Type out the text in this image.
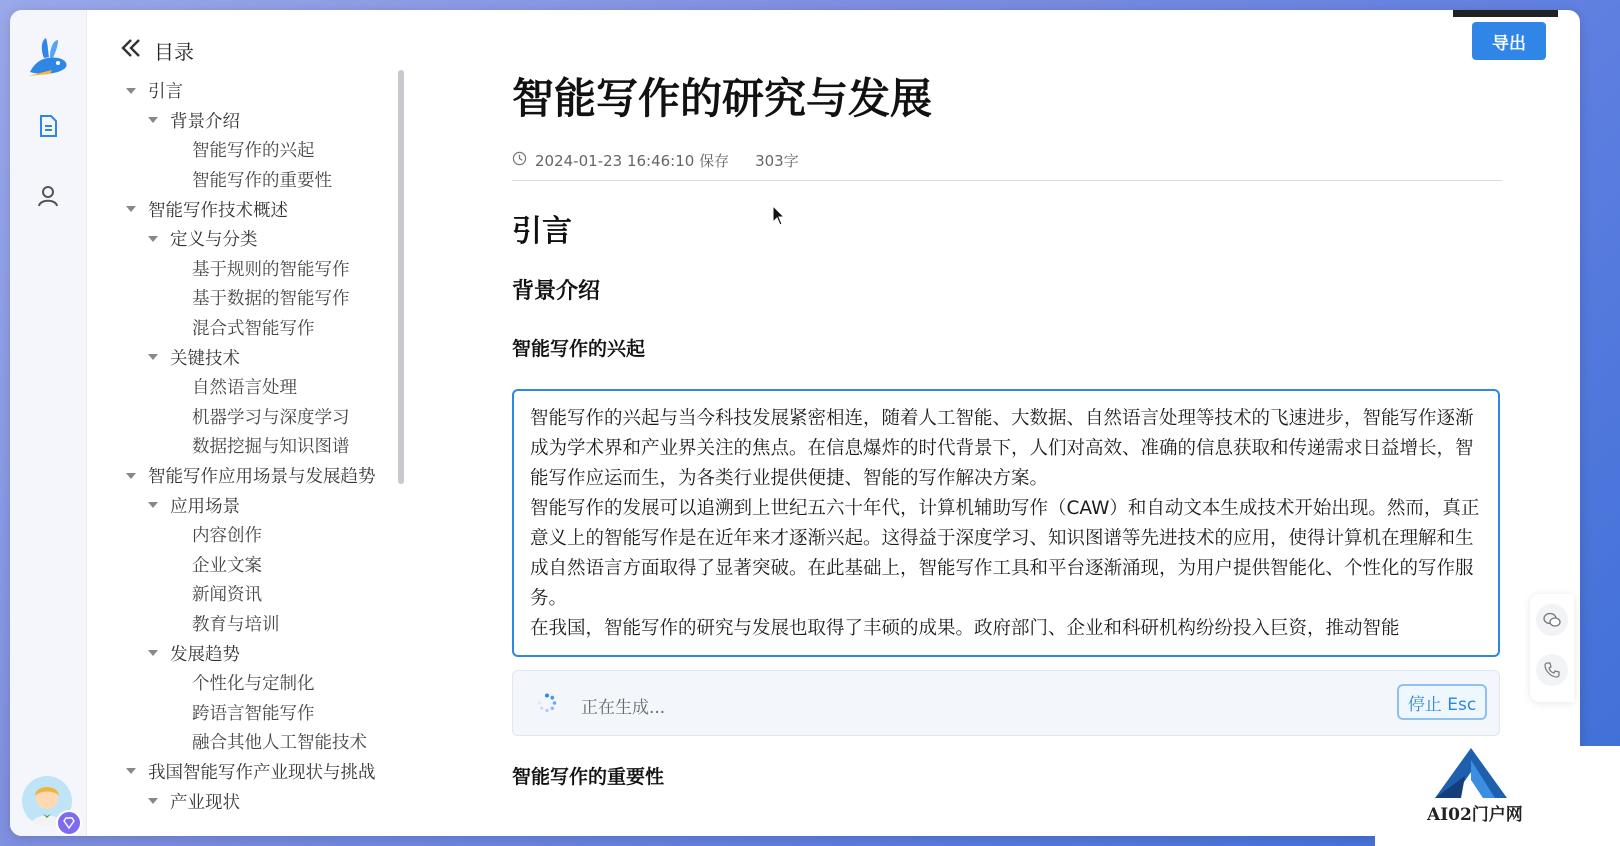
目录
引言
背景介绍
智能写作的兴起
智能写作的重要性
智能写作技术概述
定义与分类
基于规则的智能写作
基于数据的智能写作
混合式智能写作
关键技术
自然语言处理
机器学习与深度学习
数据挖掘与知识图谱
智能写作应用场景与发展趋势
应用场景
内容创作
企业文案
新闻资讯
教育与培训
发展趋势
个性化与定制化
跨语言智能写作
融合其他人工智能技术
我国智能写作产业现状与挑战
产业现状
智能写作的研究与发展
2024-01-23 16:46:10 保存 303字
引言
背景介绍
智能写作的兴起

智能写作的兴起与当今科技发展紧密相连，随着人工智能、大数据、自然语言处理等技术的飞速进步，智能写作逐渐成为学术界和产业界关注的焦点。在信息爆炸的时代背景下，人们对高效、准确的信息获取和传递需求日益增长，智能写作应运而生，为各类行业提供便捷、智能的写作解决方案。

智能写作的发展可以追溯到上世纪五六十年代，计算机辅助写作（CAW）和自动文本生成技术开始出现。然而，真正意义上的智能写作是在近年来才逐渐兴起。这得益于深度学习、知识图谱等先进技术的应用，使得计算机在理解和生成自然语言方面取得了显著突破。在此基础上，智能写作工具和平台逐渐涌现，为用户提供智能化、个性化的写作服务。

在我国，智能写作的研究与发展也取得了丰硕的成果。政府部门、企业和科研机构纷纷投入巨资，推动智能

正在生成...	停止 Esc
智能写作的重要性
导出
AI02门户网
